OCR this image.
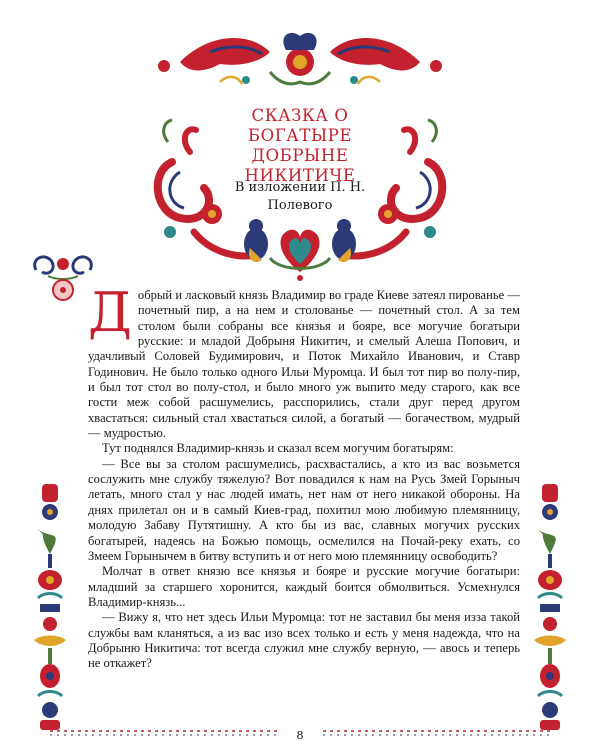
СКАЗКА О БОГАТЫРЕ ДОБРЫНЕ НИКИТИЧЕ
В изложении П. Н. Полевого

Добрый и ласковый князь Владимир во граде Киеве затеял пированье — почетный пир, а на нем и столованье — почетный стол. А за тем столом были собраны все князья и бояре, все могучие богатыри русские: и младой Добрыня Никитич, и смелый Алеша Попович, и удачливый Соловей Будимирович, и Поток Михайло Иванович, и Ставр Годинович. Не было только одного Ильи Муромца. И был тот пир во полу-пир, и был тот стол во полу-стол, и было много уж выпито меду старого, как все гости меж собой расшумелись, расспорились, стали друг перед другом хвастаться: сильный стал хвастаться силой, а богатый — богачеством, мудрый — мудростью.

Тут поднялся Владимир-князь и сказал всем могучим богатырям:

— Все вы за столом расшумелись, расхвастались, а кто из вас возьмется сослужить мне службу тяжелую? Вот повадился к нам на Русь Змей Горыныч летать, много стал у нас людей имать, нет нам от него никакой обороны. На днях прилетал он и в самый Киев-град, похитил мою любимую племянницу, молодую Забаву Путятишну. А кто бы из вас, славных могучих русских богатырей, надеясь на Божью помощь, осмелился на Почай-реку ехать, со Змеем Горынычем в битву вступить и от него мою племянницу освободить?

Молчат в ответ князю все князья и бояре и русские могучие богатыри: младший за старшего хоронится, каждый боится обмолвиться. Усмехнулся Владимир-князь...

— Вижу я, что нет здесь Ильи Муромца: тот не заставил бы меня изза такой службы вам кланяться, а из вас изо всех только и есть у меня надежда, что на Добрыню Никитича: тот всегда служил мне службу верную, — авось и теперь не откажет?

8
